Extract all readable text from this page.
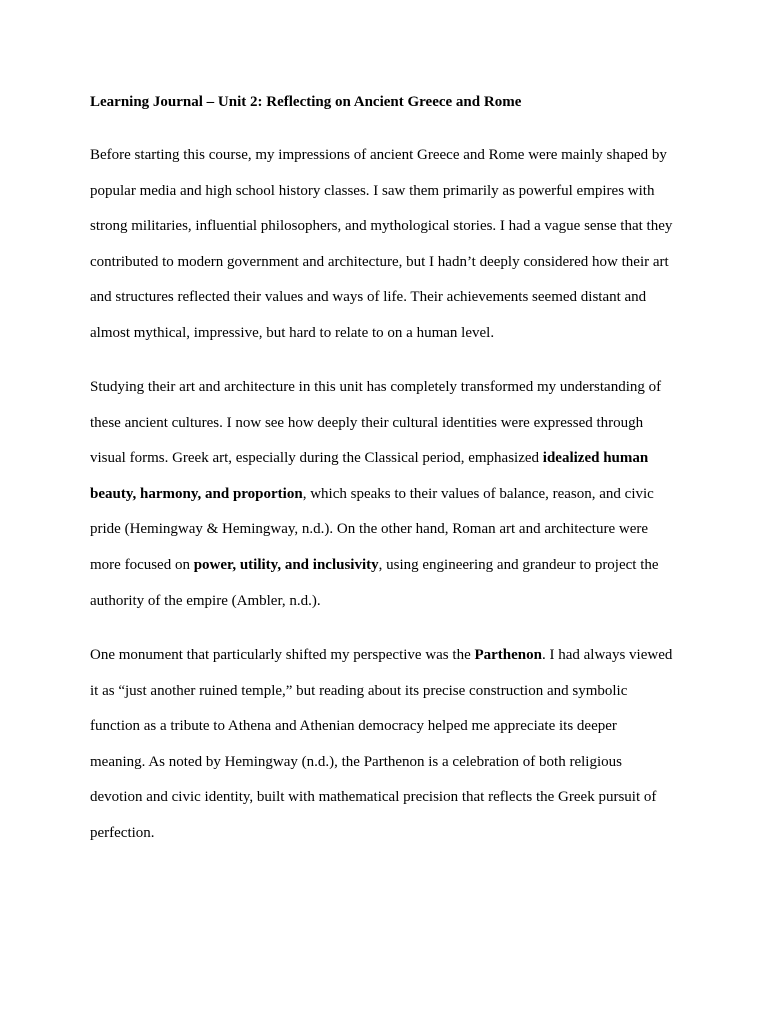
Learning Journal – Unit 2: Reflecting on Ancient Greece and Rome
Before starting this course, my impressions of ancient Greece and Rome were mainly shaped by
popular media and high school history classes. I saw them primarily as powerful empires with
strong militaries, influential philosophers, and mythological stories. I had a vague sense that they
contributed to modern government and architecture, but I hadn’t deeply considered how their art
and structures reflected their values and ways of life. Their achievements seemed distant and
almost mythical, impressive, but hard to relate to on a human level.
Studying their art and architecture in this unit has completely transformed my understanding of
these ancient cultures. I now see how deeply their cultural identities were expressed through
visual forms. Greek art, especially during the Classical period, emphasized idealized human
beauty, harmony, and proportion, which speaks to their values of balance, reason, and civic
pride (Hemingway & Hemingway, n.d.). On the other hand, Roman art and architecture were
more focused on power, utility, and inclusivity, using engineering and grandeur to project the
authority of the empire (Ambler, n.d.).
One monument that particularly shifted my perspective was the Parthenon. I had always viewed
it as “just another ruined temple,” but reading about its precise construction and symbolic
function as a tribute to Athena and Athenian democracy helped me appreciate its deeper
meaning. As noted by Hemingway (n.d.), the Parthenon is a celebration of both religious
devotion and civic identity, built with mathematical precision that reflects the Greek pursuit of
perfection.
